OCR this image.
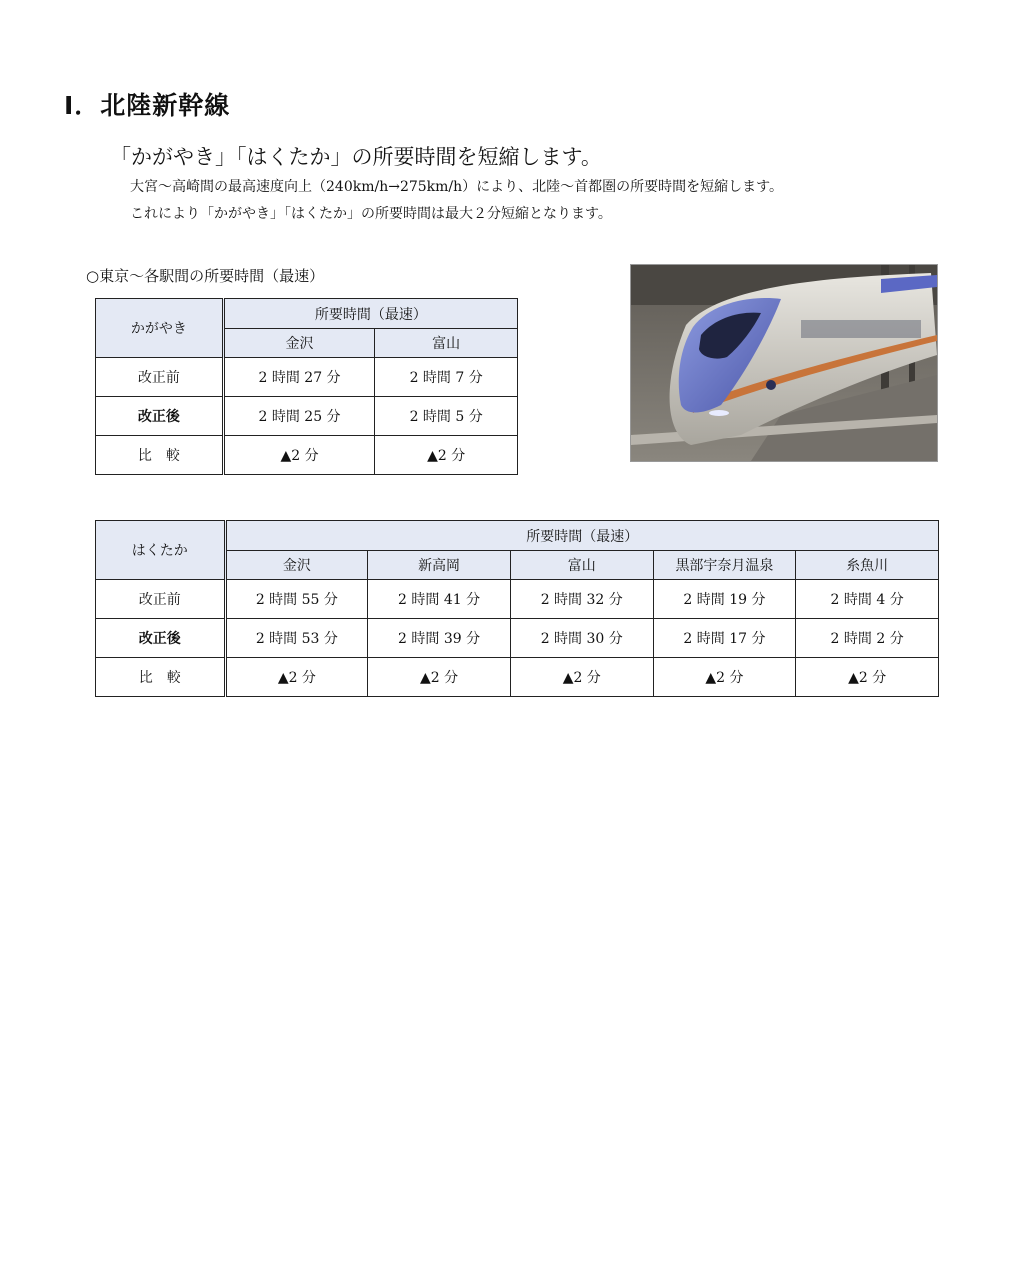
Ⅰ．北陸新幹線
「かがやき」「はくたか」の所要時間を短縮します。
大宮～高崎間の最高速度向上（240km/h→275km/h）により、北陸～首都圏の所要時間を短縮します。
これにより「かがやき」「はくたか」の所要時間は最大２分短縮となります。
○東京～各駅間の所要時間（最速）
かがやき	所要時間（最速）	
	金沢	富山
改正前	2 時間 27 分	2 時間 7 分
改正後	2 時間 25 分	2 時間 5 分
比　較	▲2 分	▲2 分
はくたか	所要時間（最速）				
	金沢	新高岡	富山	黒部宇奈月温泉	糸魚川
改正前	2 時間 55 分	2 時間 41 分	2 時間 32 分	2 時間 19 分	2 時間 4 分
改正後	2 時間 53 分	2 時間 39 分	2 時間 30 分	2 時間 17 分	2 時間 2 分
比　較	▲2 分	▲2 分	▲2 分	▲2 分	▲2 分
